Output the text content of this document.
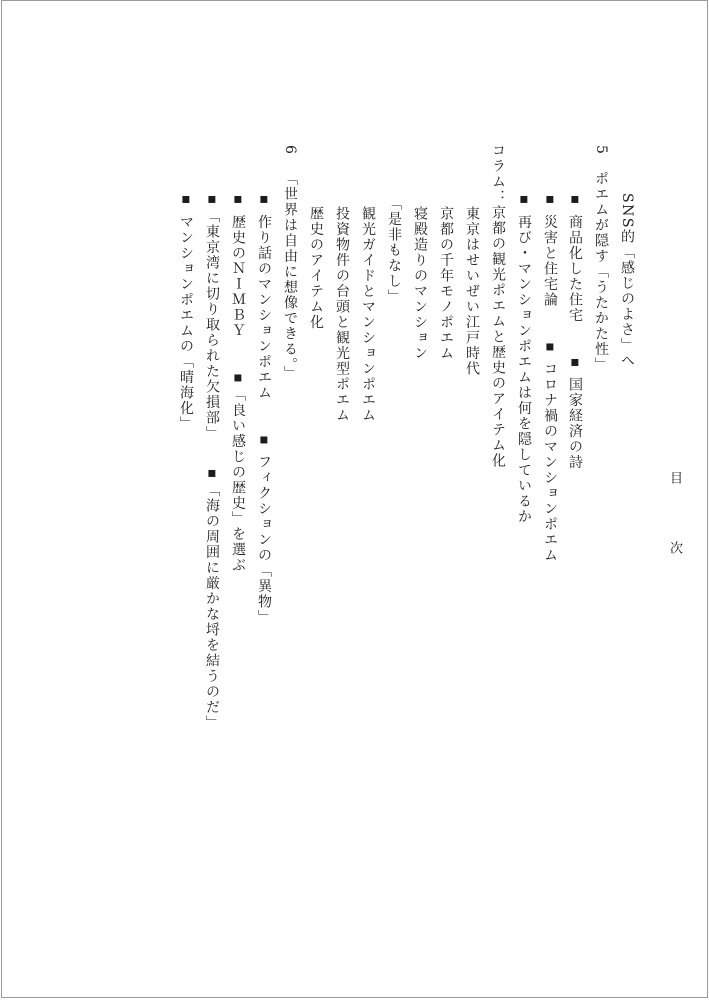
目　次
SNS的「感じのよさ」へ
5
ポエムが隠す「うたかた性」
▪ 商品化した住宅　　▪ 国家経済の詩
▪ 災害と住宅論　　▪ コロナ禍のマンションポエム
▪ 再び・マンションポエムは何を隠しているか
コラム：京都の観光ポエムと歴史のアイテム化
東京はせいぜい江戸時代
京都の千年モノポエム
寝殿造りのマンション
「是非もなし」
観光ガイドとマンションポエム
投資物件の台頭と観光型ポエム
歴史のアイテム化
6
「世界は自由に想像できる。」
▪ 作り話のマンションポエム　　▪ フィクションの「異物」
▪ 歴史のＮＩＭＢＹ　　▪「良い感じの歴史」を選ぶ
▪「東京湾に切り取られた欠損部」　　▪「海の周囲に厳かな埒を結うのだ」
▪ マンションポエムの「晴海化」
